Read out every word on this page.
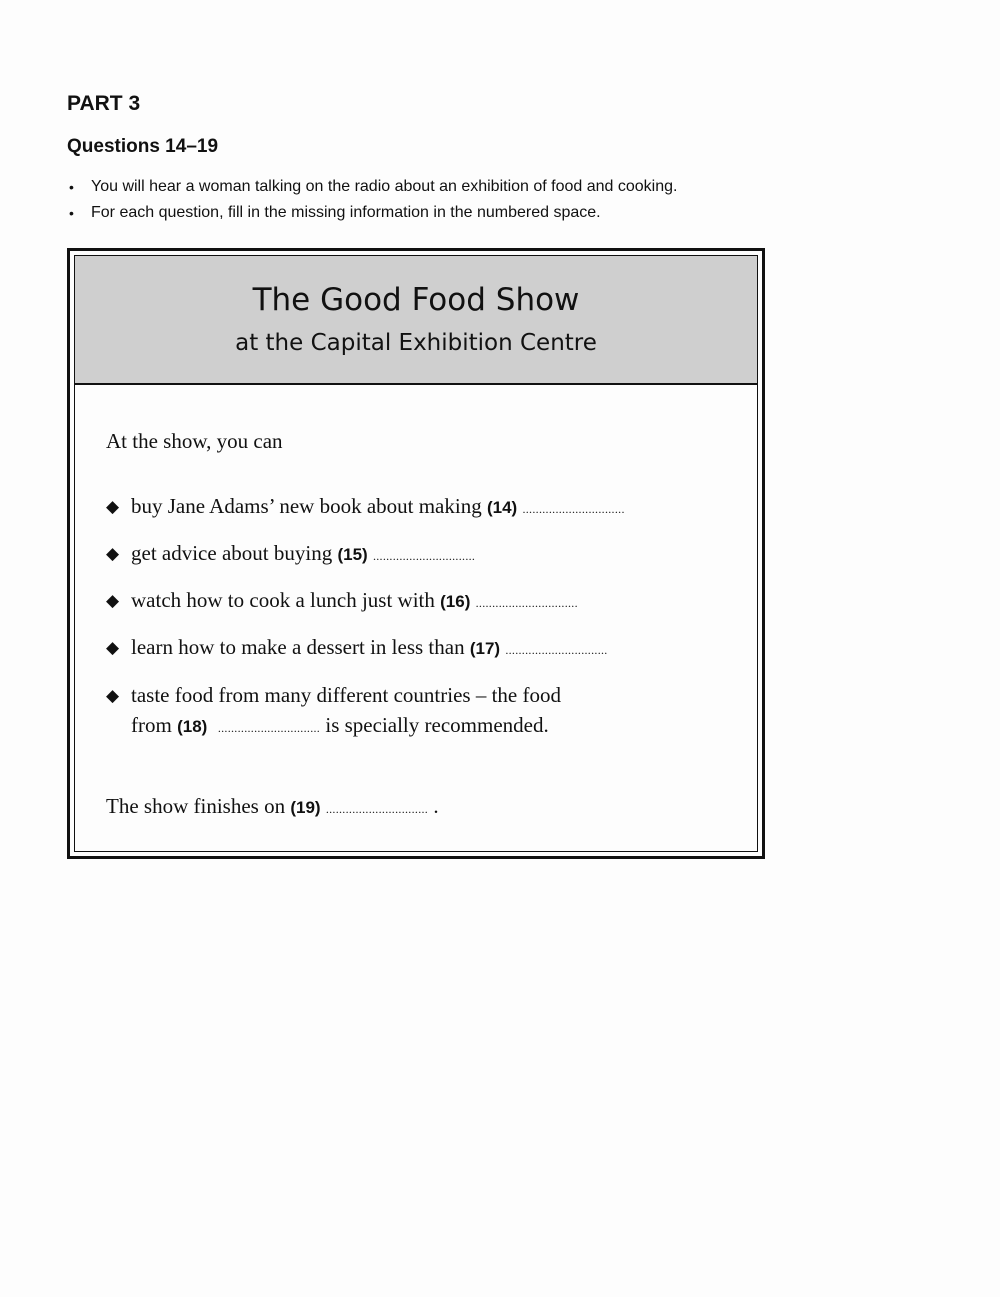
PART 3
Questions 14–19
• You will hear a woman talking on the radio about an exhibition of food and cooking.
• For each question, fill in the missing information in the numbered space.
The Good Food Show
at the Capital Exhibition Centre
At the show, you can
◆ buy Jane Adams’ new book about making (14) ...............................
◆ get advice about buying (15) ...............................
◆ watch how to cook a lunch just with (16) ...............................
◆ learn how to make a dessert in less than (17) ...............................
◆ taste food from many different countries – the food
from (18) ............................... is specially recommended.
The show finishes on (19) ............................... .
